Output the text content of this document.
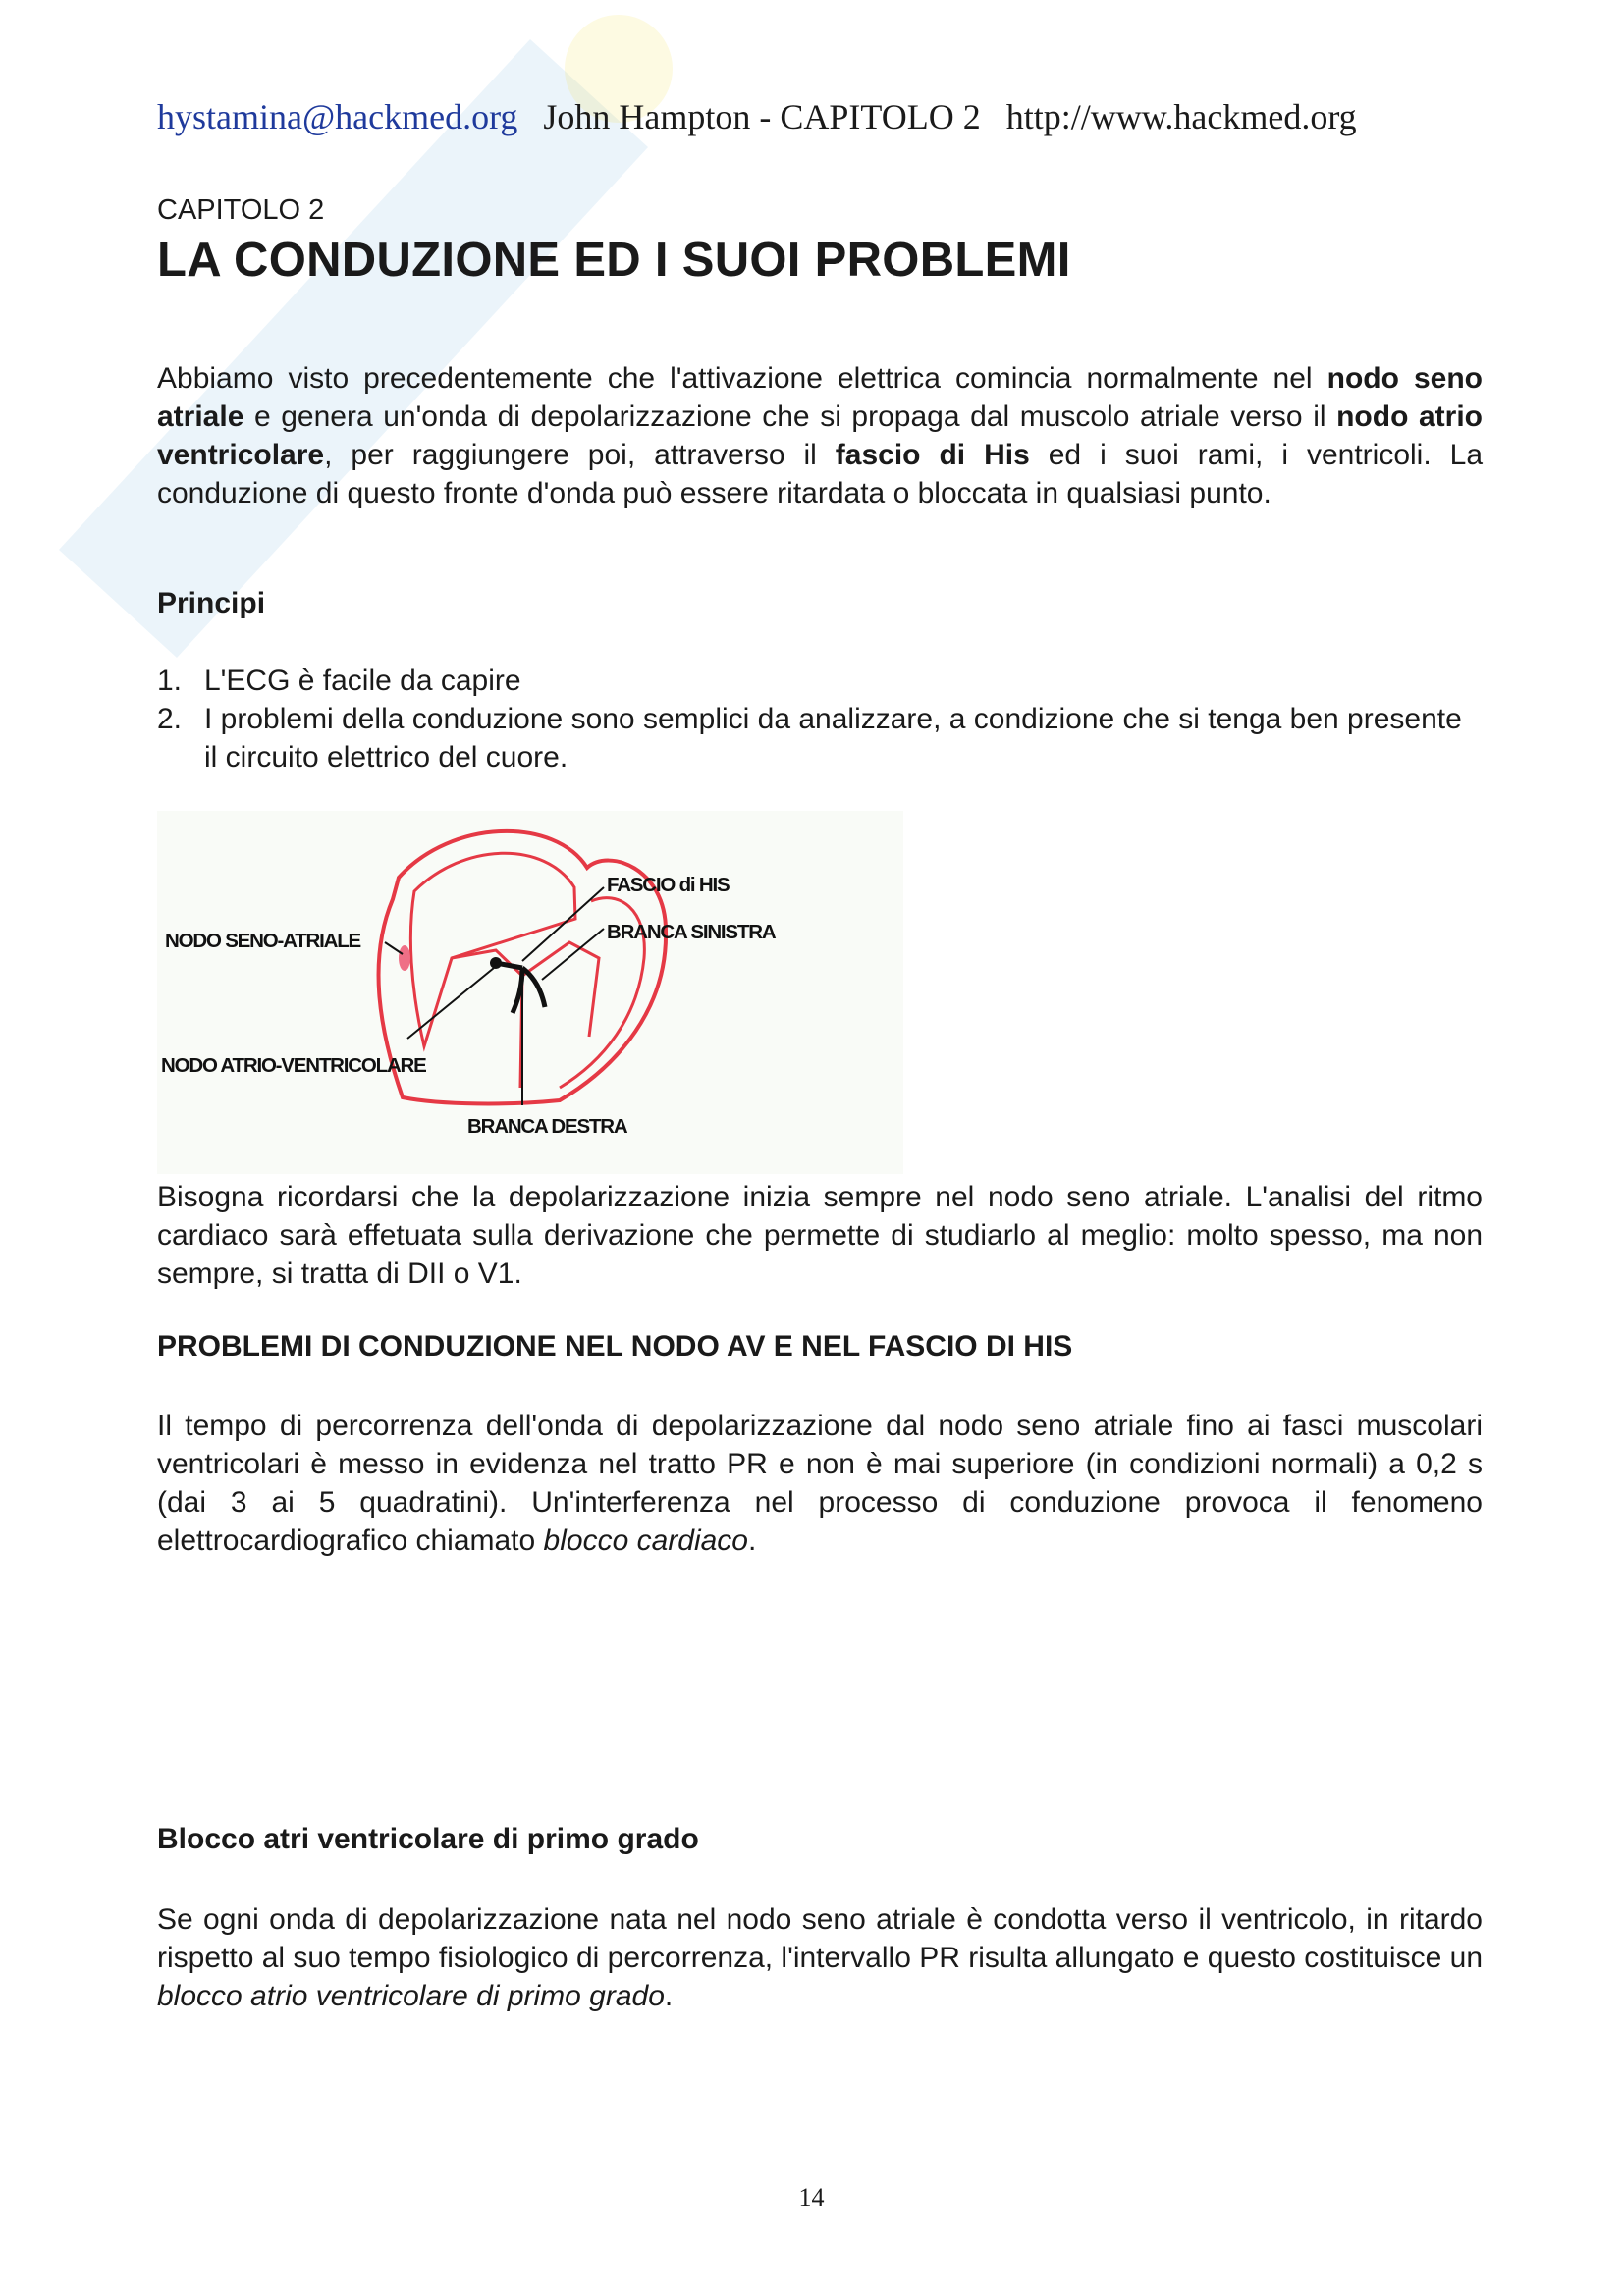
hystamina@hackmed.org John Hampton - CAPITOLO 2 http://www.hackmed.org
CAPITOLO 2
LA CONDUZIONE ED I SUOI PROBLEMI

Abbiamo visto precedentemente che l'attivazione elettrica comincia normalmente nel nodo seno atriale e genera un'onda di depolarizzazione che si propaga dal muscolo atriale verso il nodo atrio ventricolare, per raggiungere poi, attraverso il fascio di His ed i suoi rami, i ventricoli. La conduzione di questo fronte d'onda può essere ritardata o bloccata in qualsiasi punto.

Principi
1. L'ECG è facile da capire
2. I problemi della conduzione sono semplici da analizzare, a condizione che si tenga ben presente il circuito elettrico del cuore.
NODO SENO-ATRIALE
FASCIO di HIS
BRANCA SINISTRA
NODO ATRIO-VENTRICOLARE
BRANCA DESTRA

Bisogna ricordarsi che la depolarizzazione inizia sempre nel nodo seno atriale. L'analisi del ritmo cardiaco sarà effetuata sulla derivazione che permette di studiarlo al meglio: molto spesso, ma non sempre, si tratta di DII o V1.

PROBLEMI DI CONDUZIONE NEL NODO AV E NEL FASCIO DI HIS

Il tempo di percorrenza dell'onda di depolarizzazione dal nodo seno atriale fino ai fasci muscolari ventricolari è messo in evidenza nel tratto PR e non è mai superiore (in condizioni normali) a 0,2 s (dai 3 ai 5 quadratini). Un'interferenza nel processo di conduzione provoca il fenomeno elettrocardiografico chiamato blocco cardiaco.

Blocco atri ventricolare di primo grado

Se ogni onda di depolarizzazione nata nel nodo seno atriale è condotta verso il ventricolo, in ritardo rispetto al suo tempo fisiologico di percorrenza, l'intervallo PR risulta allungato e questo costituisce un blocco atrio ventricolare di primo grado.

14
